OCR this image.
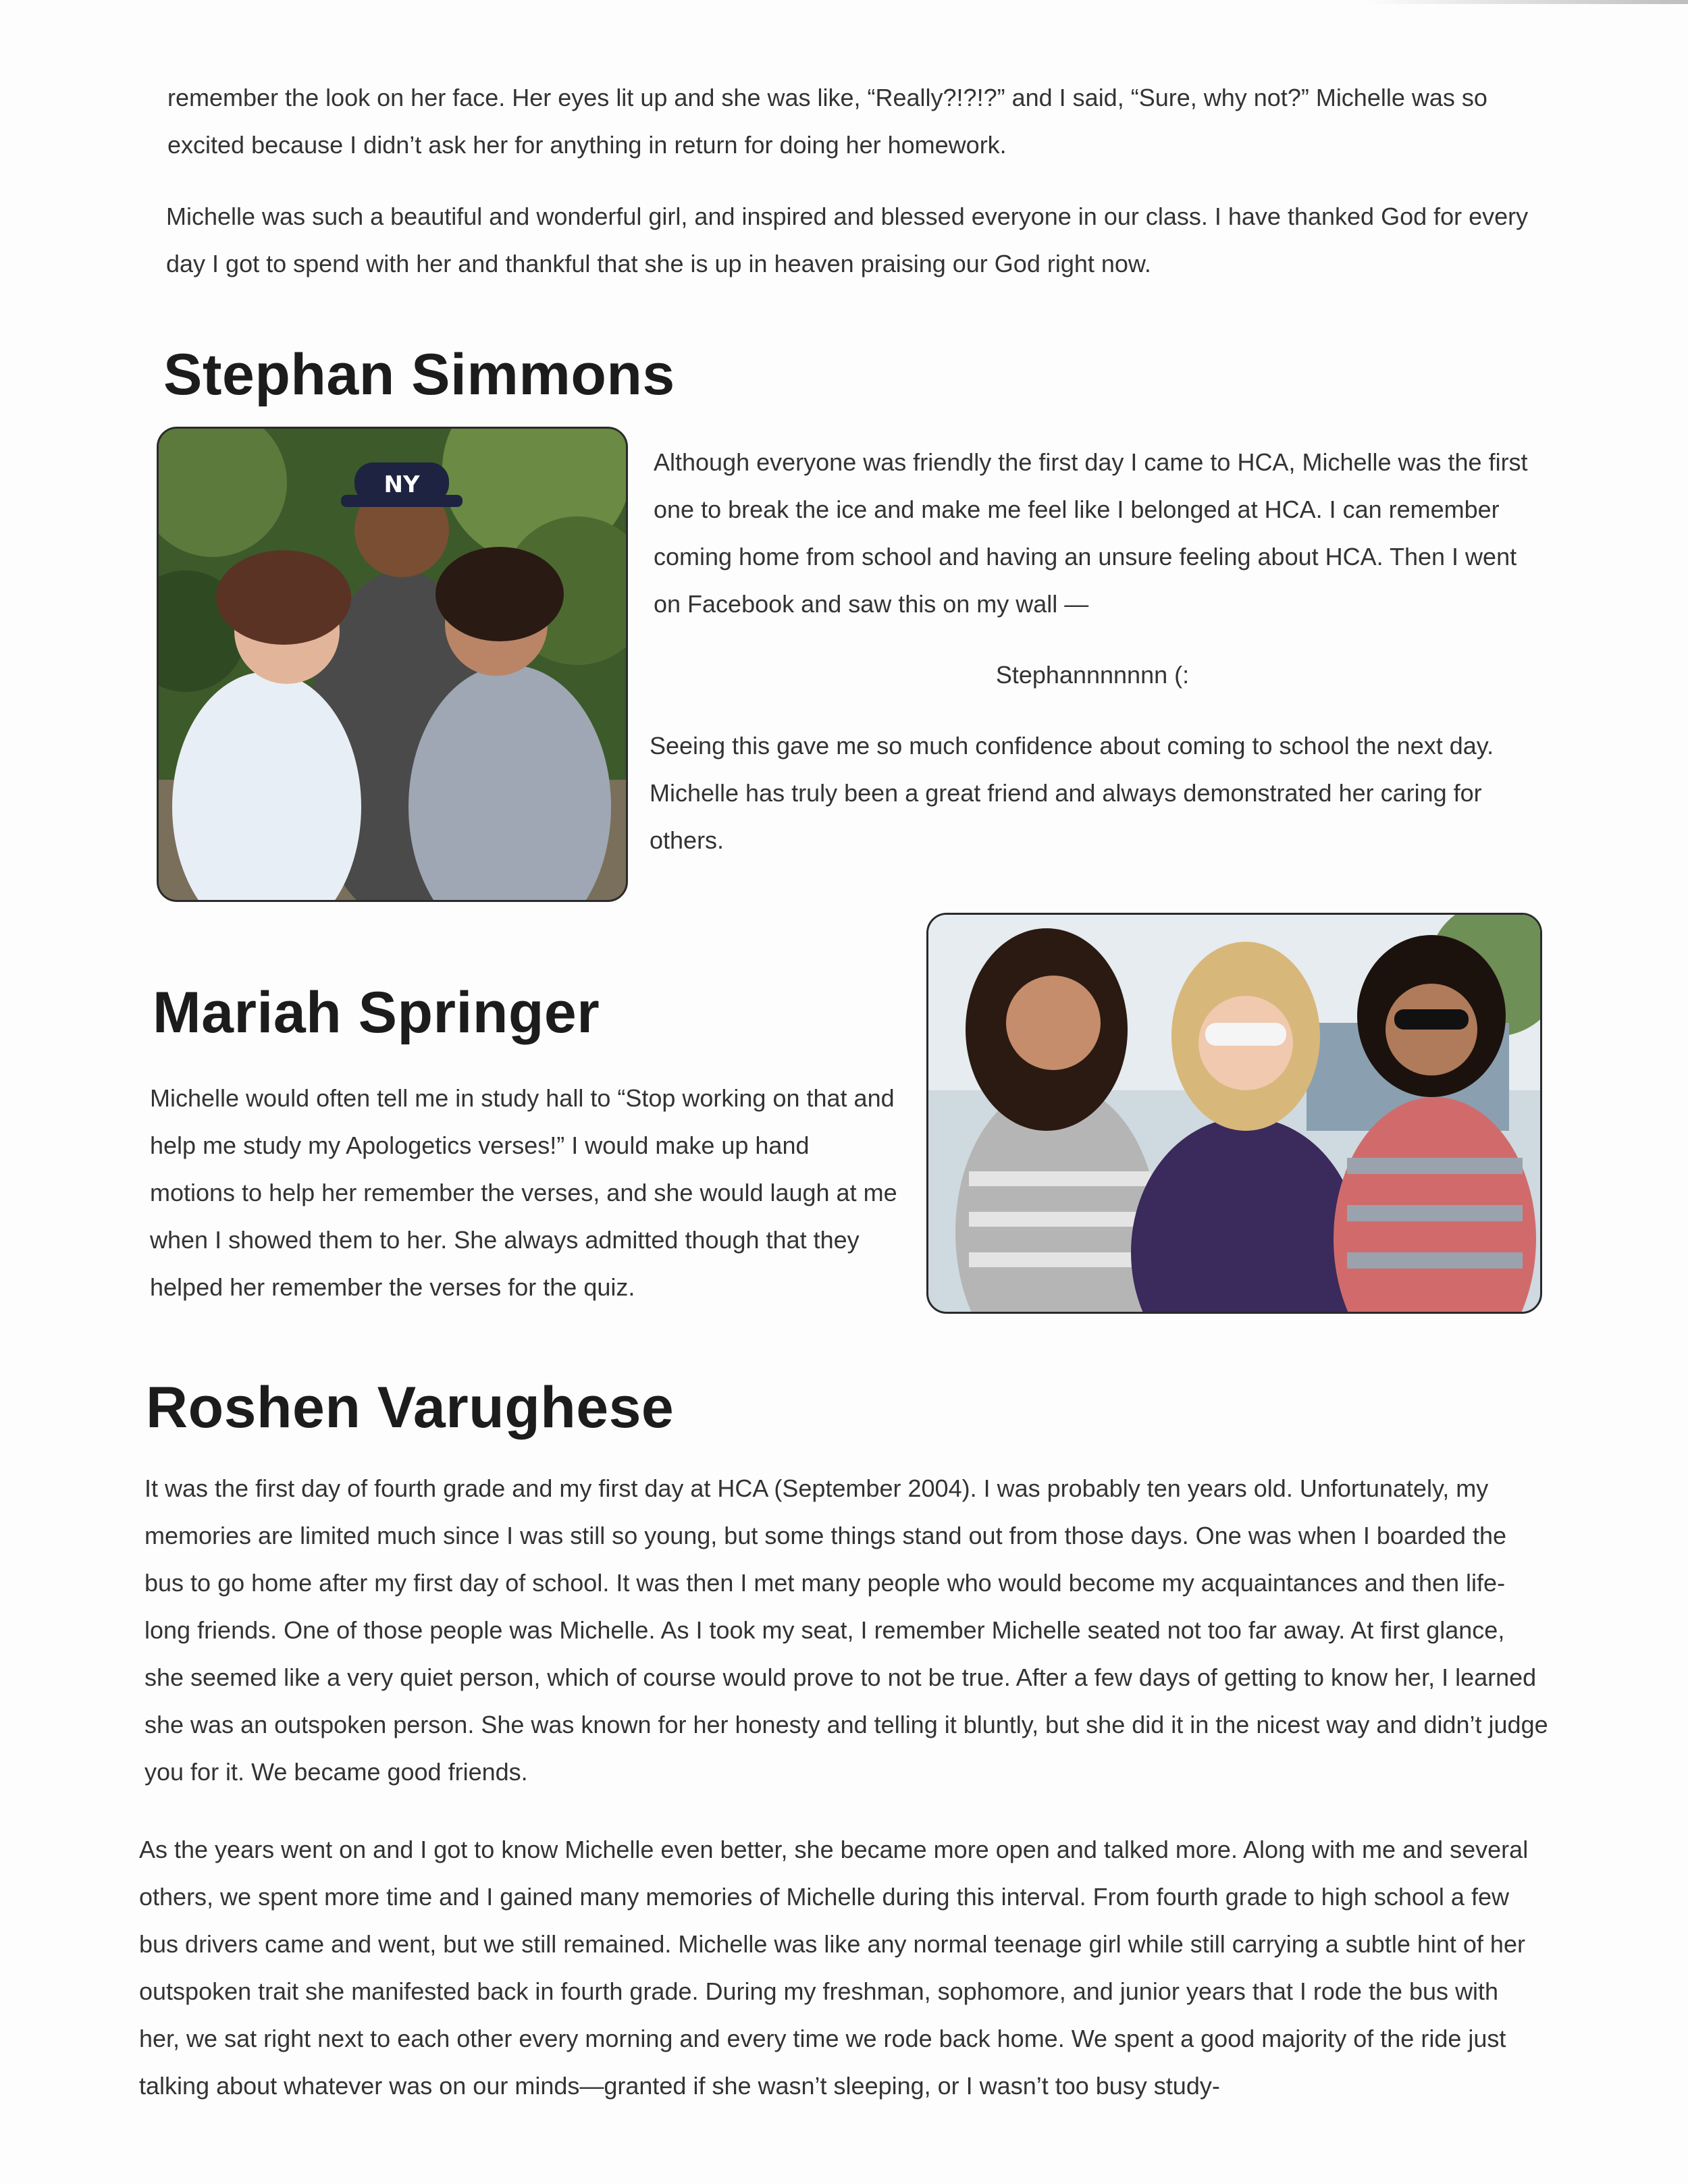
remember the look on her face. Her eyes lit up and she was like, “Really?!?!?” and I said, “Sure, why not?” Michelle was so excited because I didn’t ask her for anything in return for doing her homework.

Michelle was such a beautiful and wonderful girl, and inspired and blessed everyone in our class. I have thanked God for every day I got to spend with her and thankful that she is up in heaven praising our God right now.

Stephan Simmons
NY

Although everyone was friendly the first day I came to HCA, Michelle was the first one to break the ice and make me feel like I belonged at HCA. I can remember coming home from school and having an unsure feeling about HCA. Then I went on Facebook and saw this on my wall —

Stephannnnnnn (:

Seeing this gave me so much confidence about coming to school the next day. Michelle has truly been a great friend and always demonstrated her caring for others.

Mariah Springer

Michelle would often tell me in study hall to “Stop working on that and help me study my Apologetics verses!” I would make up hand motions to help her remember the verses, and she would laugh at me when I showed them to her. She always admitted though that they helped her remember the verses for the quiz.

Roshen Varughese

It was the first day of fourth grade and my first day at HCA (September 2004). I was probably ten years old. Unfortunately, my memories are limited much since I was still so young, but some things stand out from those days. One was when I boarded the bus to go home after my first day of school. It was then I met many people who would become my acquaintances and then life-long friends. One of those people was Michelle. As I took my seat, I remember Michelle seated not too far away. At first glance, she seemed like a very quiet person, which of course would prove to not be true. After a few days of getting to know her, I learned she was an outspoken person. She was known for her honesty and telling it bluntly, but she did it in the nicest way and didn’t judge you for it. We became good friends.

As the years went on and I got to know Michelle even better, she became more open and talked more. Along with me and several others, we spent more time and I gained many memories of Michelle during this interval. From fourth grade to high school a few bus drivers came and went, but we still remained. Michelle was like any normal teenage girl while still carrying a subtle hint of her outspoken trait she manifested back in fourth grade. During my freshman, sophomore, and junior years that I rode the bus with her, we sat right next to each other every morning and every time we rode back home. We spent a good majority of the ride just talking about whatever was on our minds—granted if she wasn’t sleeping, or I wasn’t too busy study-
